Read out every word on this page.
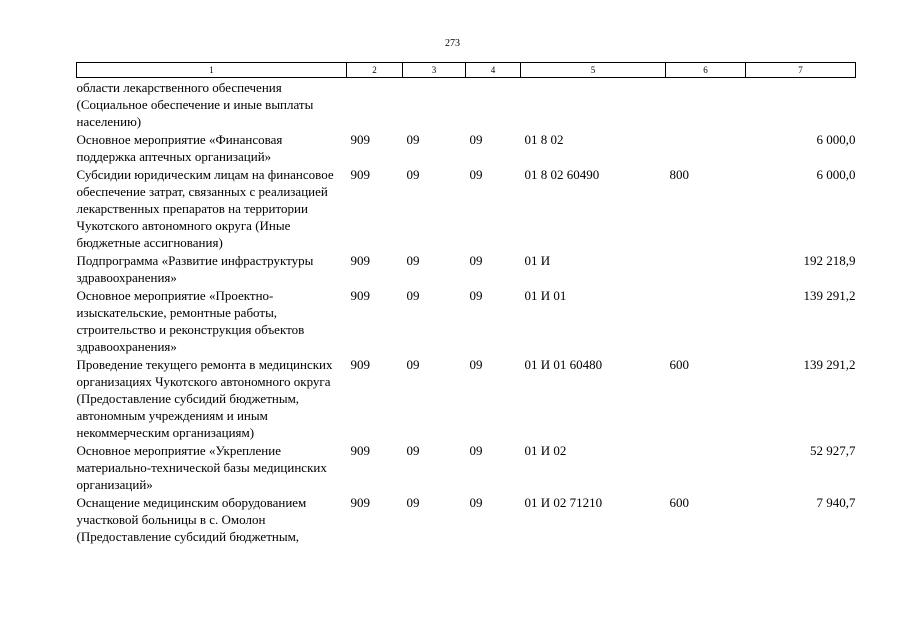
273
1	2	3	4	5	6	7
области лекарственного обеспечения (Социальное обеспечение и иные выплаты населению)						
Основное мероприятие «Финансовая поддержка аптечных организаций»	909	09	09	01 8 02		6 000,0
Субсидии юридическим лицам на финансовое обеспечение затрат, связанных с реализацией лекарственных препаратов на территории Чукотского автономного округа (Иные бюджетные ассигнования)	909	09	09	01 8 02 60490	800	6 000,0
Подпрограмма «Развитие инфраструктуры здравоохранения»	909	09	09	01 И		192 218,9
Основное мероприятие «Проектно-изыскательские, ремонтные работы, строительство и реконструкция объектов здравоохранения»	909	09	09	01 И 01		139 291,2
Проведение текущего ремонта в медицинских организациях Чукотского автономного округа (Предоставление субсидий бюджетным, автономным учреждениям и иным некоммерческим организациям)	909	09	09	01 И 01 60480	600	139 291,2
Основное мероприятие «Укрепление материально-технической базы медицинских организаций»	909	09	09	01 И 02		52 927,7
Оснащение медицинским оборудованием участковой больницы в с. Омолон (Предоставление субсидий бюджетным,	909	09	09	01 И 02 71210	600	7 940,7
